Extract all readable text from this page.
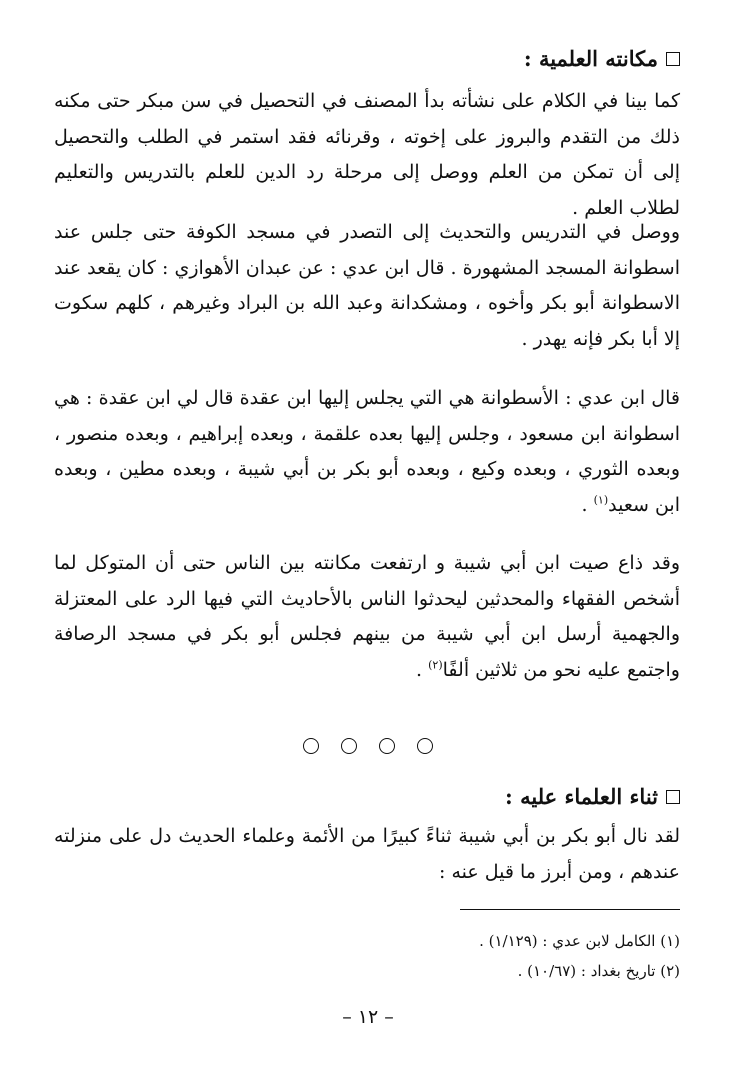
مكانته العلمية :
كما بينا في الكلام على نشأته بدأ المصنف في التحصيل في سن مبكر حتى مكنه ذلك من التقدم والبروز على إخوته ، وقرنائه فقد استمر في الطلب والتحصيل إلى أن تمكن من العلم ووصل إلى مرحلة رد الدين للعلم بالتدريس والتعليم لطلاب العلم .
ووصل في التدريس والتحديث إلى التصدر في مسجد الكوفة حتى جلس عند اسطوانة المسجد المشهورة . قال ابن عدي : عن عبدان الأهوازي : كان يقعد عند الاسطوانة أبو بكر وأخوه ، ومشكدانة وعبد الله بن البراد وغيرهم ، كلهم سكوت إلا أبا بكر فإنه يهدر .
قال ابن عدي : الأسطوانة هي التي يجلس إليها ابن عقدة قال لي ابن عقدة : هي اسطوانة ابن مسعود ، وجلس إليها بعده علقمة ، وبعده إبراهيم ، وبعده منصور ، وبعده الثوري ، وبعده وكيع ، وبعده أبو بكر بن أبي شيبة ، وبعده مطين ، وبعده ابن سعيد$^{(١)}$ .
وقد ذاع صيت ابن أبي شيبة و ارتفعت مكانته بين الناس حتى أن المتوكل لما أشخص الفقهاء والمحدثين ليحدثوا الناس بالأحاديث التي فيها الرد على المعتزلة والجهمية أرسل ابن أبي شيبة من بينهم فجلس أبو بكر في مسجد الرصافة واجتمع عليه نحو من ثلاثين ألفًا$^{(٢)}$ .
ثناء العلماء عليه :
لقد نال أبو بكر بن أبي شيبة ثناءً كبيرًا من الأئمة وعلماء الحديث دل على منزلته عندهم ، ومن أبرز ما قيل عنه :
(١) الكامل لابن عدي : (١/١٢٩) .
(٢) تاريخ بغداد : (١٠/٦٧) .
– ١٢ –
